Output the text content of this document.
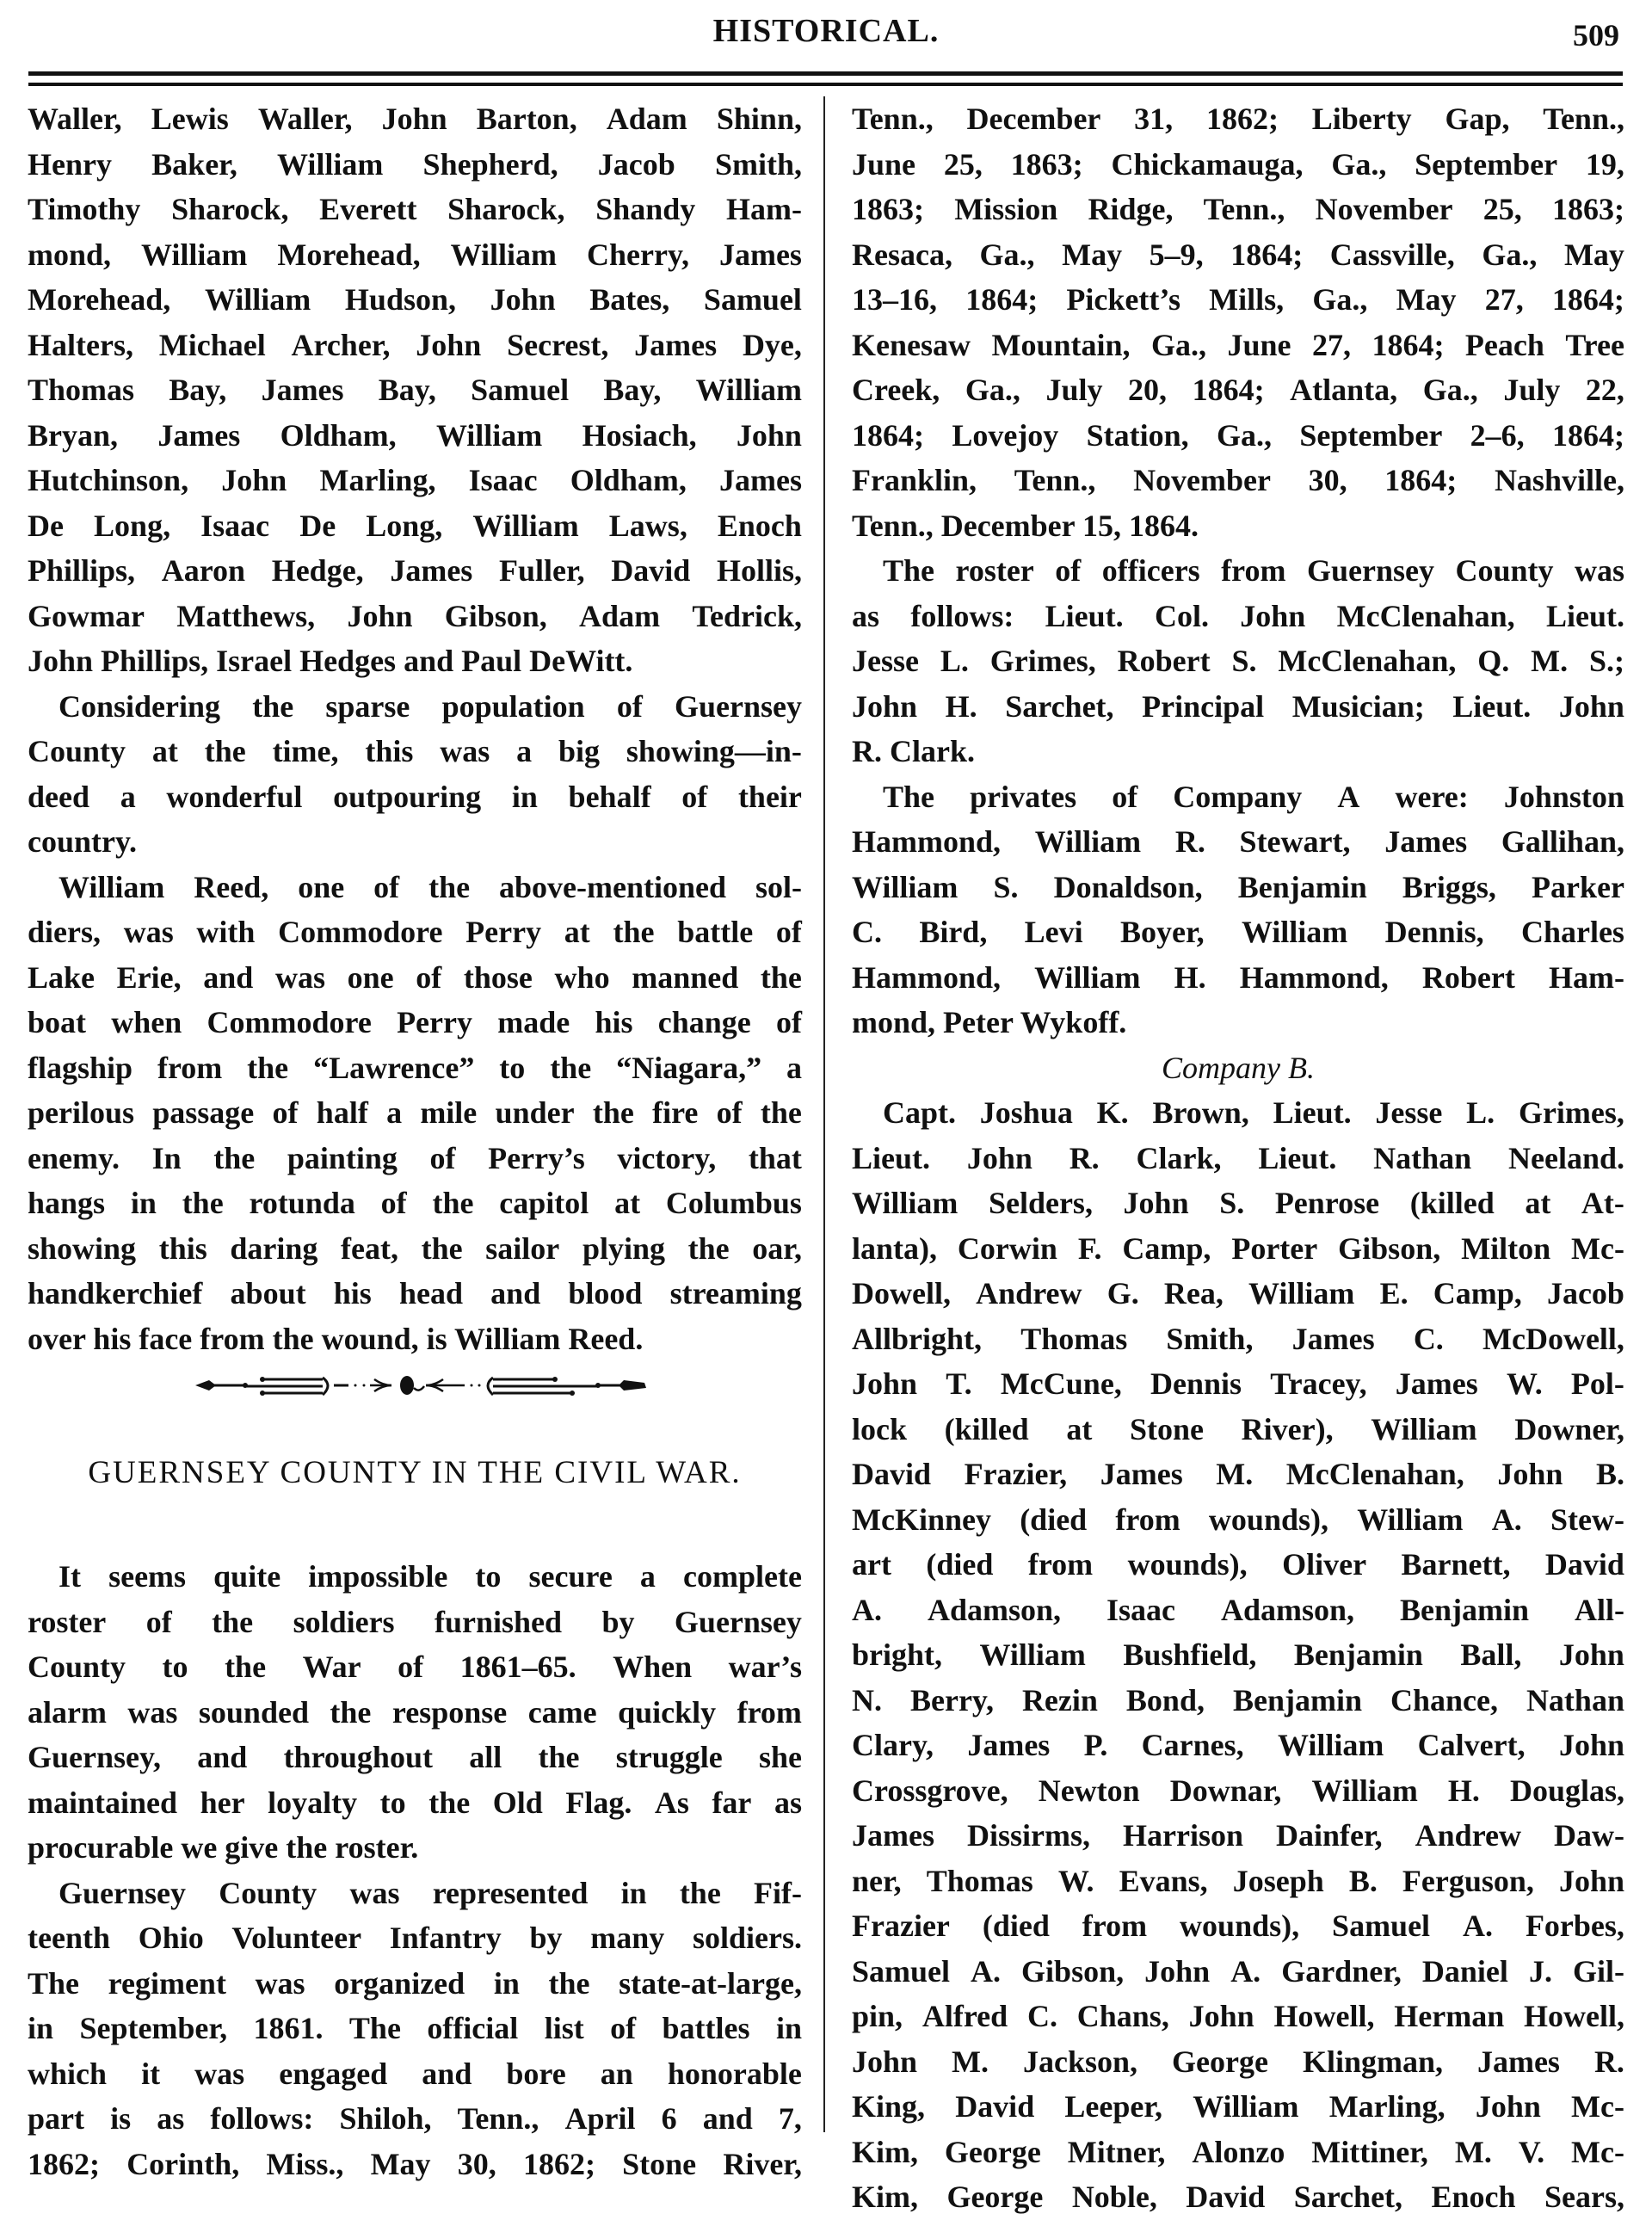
HISTORICAL.	509
Waller, Lewis Waller, John Barton, Adam Shinn,
Henry Baker, William Shepherd, Jacob Smith,
Timothy Sharock, Everett Sharock, Shandy Ham-
mond, William Morehead, William Cherry, James
Morehead, William Hudson, John Bates, Samuel
Halters, Michael Archer, John Secrest, James Dye,
Thomas Bay, James Bay, Samuel Bay, William
Bryan, James Oldham, William Hosiach, John
Hutchinson, John Marling, Isaac Oldham, James
De Long, Isaac De Long, William Laws, Enoch
Phillips, Aaron Hedge, James Fuller, David Hollis,
Gowmar Matthews, John Gibson, Adam Tedrick,
John Phillips, Israel Hedges and Paul DeWitt.
Considering the sparse population of Guernsey
County at the time, this was a big showing—in-
deed a wonderful outpouring in behalf of their
country.
William Reed, one of the above-mentioned sol-
diers, was with Commodore Perry at the battle of
Lake Erie, and was one of those who manned the
boat when Commodore Perry made his change of
flagship from the “Lawrence” to the “Niagara,” a
perilous passage of half a mile under the fire of the
enemy. In the painting of Perry’s victory, that
hangs in the rotunda of the capitol at Columbus
showing this daring feat, the sailor plying the oar,
handkerchief about his head and blood streaming
over his face from the wound, is William Reed.
GUERNSEY COUNTY IN THE CIVIL WAR.
It seems quite impossible to secure a complete
roster of the soldiers furnished by Guernsey
County to the War of 1861–65. When war’s
alarm was sounded the response came quickly from
Guernsey, and throughout all the struggle she
maintained her loyalty to the Old Flag. As far as
procurable we give the roster.
Guernsey County was represented in the Fif-
teenth Ohio Volunteer Infantry by many soldiers.
The regiment was organized in the state-at-large,
in September, 1861. The official list of battles in
which it was engaged and bore an honorable
part is as follows: Shiloh, Tenn., April 6 and 7,
1862; Corinth, Miss., May 30, 1862; Stone River,
Tenn., December 31, 1862; Liberty Gap, Tenn.,
June 25, 1863; Chickamauga, Ga., September 19,
1863; Mission Ridge, Tenn., November 25, 1863;
Resaca, Ga., May 5–9, 1864; Cassville, Ga., May
13–16, 1864; Pickett’s Mills, Ga., May 27, 1864;
Kenesaw Mountain, Ga., June 27, 1864; Peach Tree
Creek, Ga., July 20, 1864; Atlanta, Ga., July 22,
1864; Lovejoy Station, Ga., September 2–6, 1864;
Franklin, Tenn., November 30, 1864; Nashville,
Tenn., December 15, 1864.
The roster of officers from Guernsey County was
as follows: Lieut. Col. John McClenahan, Lieut.
Jesse L. Grimes, Robert S. McClenahan, Q. M. S.;
John H. Sarchet, Principal Musician; Lieut. John
R. Clark.
The privates of Company A were: Johnston
Hammond, William R. Stewart, James Gallihan,
William S. Donaldson, Benjamin Briggs, Parker
C. Bird, Levi Boyer, William Dennis, Charles
Hammond, William H. Hammond, Robert Ham-
mond, Peter Wykoff.
Company B.
Capt. Joshua K. Brown, Lieut. Jesse L. Grimes,
Lieut. John R. Clark, Lieut. Nathan Neeland.
William Selders, John S. Penrose (killed at At-
lanta), Corwin F. Camp, Porter Gibson, Milton Mc-
Dowell, Andrew G. Rea, William E. Camp, Jacob
Allbright, Thomas Smith, James C. McDowell,
John T. McCune, Dennis Tracey, James W. Pol-
lock (killed at Stone River), William Downer,
David Frazier, James M. McClenahan, John B.
McKinney (died from wounds), William A. Stew-
art (died from wounds), Oliver Barnett, David
A. Adamson, Isaac Adamson, Benjamin All-
bright, William Bushfield, Benjamin Ball, John
N. Berry, Rezin Bond, Benjamin Chance, Nathan
Clary, James P. Carnes, William Calvert, John
Crossgrove, Newton Downar, William H. Douglas,
James Dissirms, Harrison Dainfer, Andrew Daw-
ner, Thomas W. Evans, Joseph B. Ferguson, John
Frazier (died from wounds), Samuel A. Forbes,
Samuel A. Gibson, John A. Gardner, Daniel J. Gil-
pin, Alfred C. Chans, John Howell, Herman Howell,
John M. Jackson, George Klingman, James R.
King, David Leeper, William Marling, John Mc-
Kim, George Mitner, Alonzo Mittiner, M. V. Mc-
Kim, George Noble, David Sarchet, Enoch Sears,
